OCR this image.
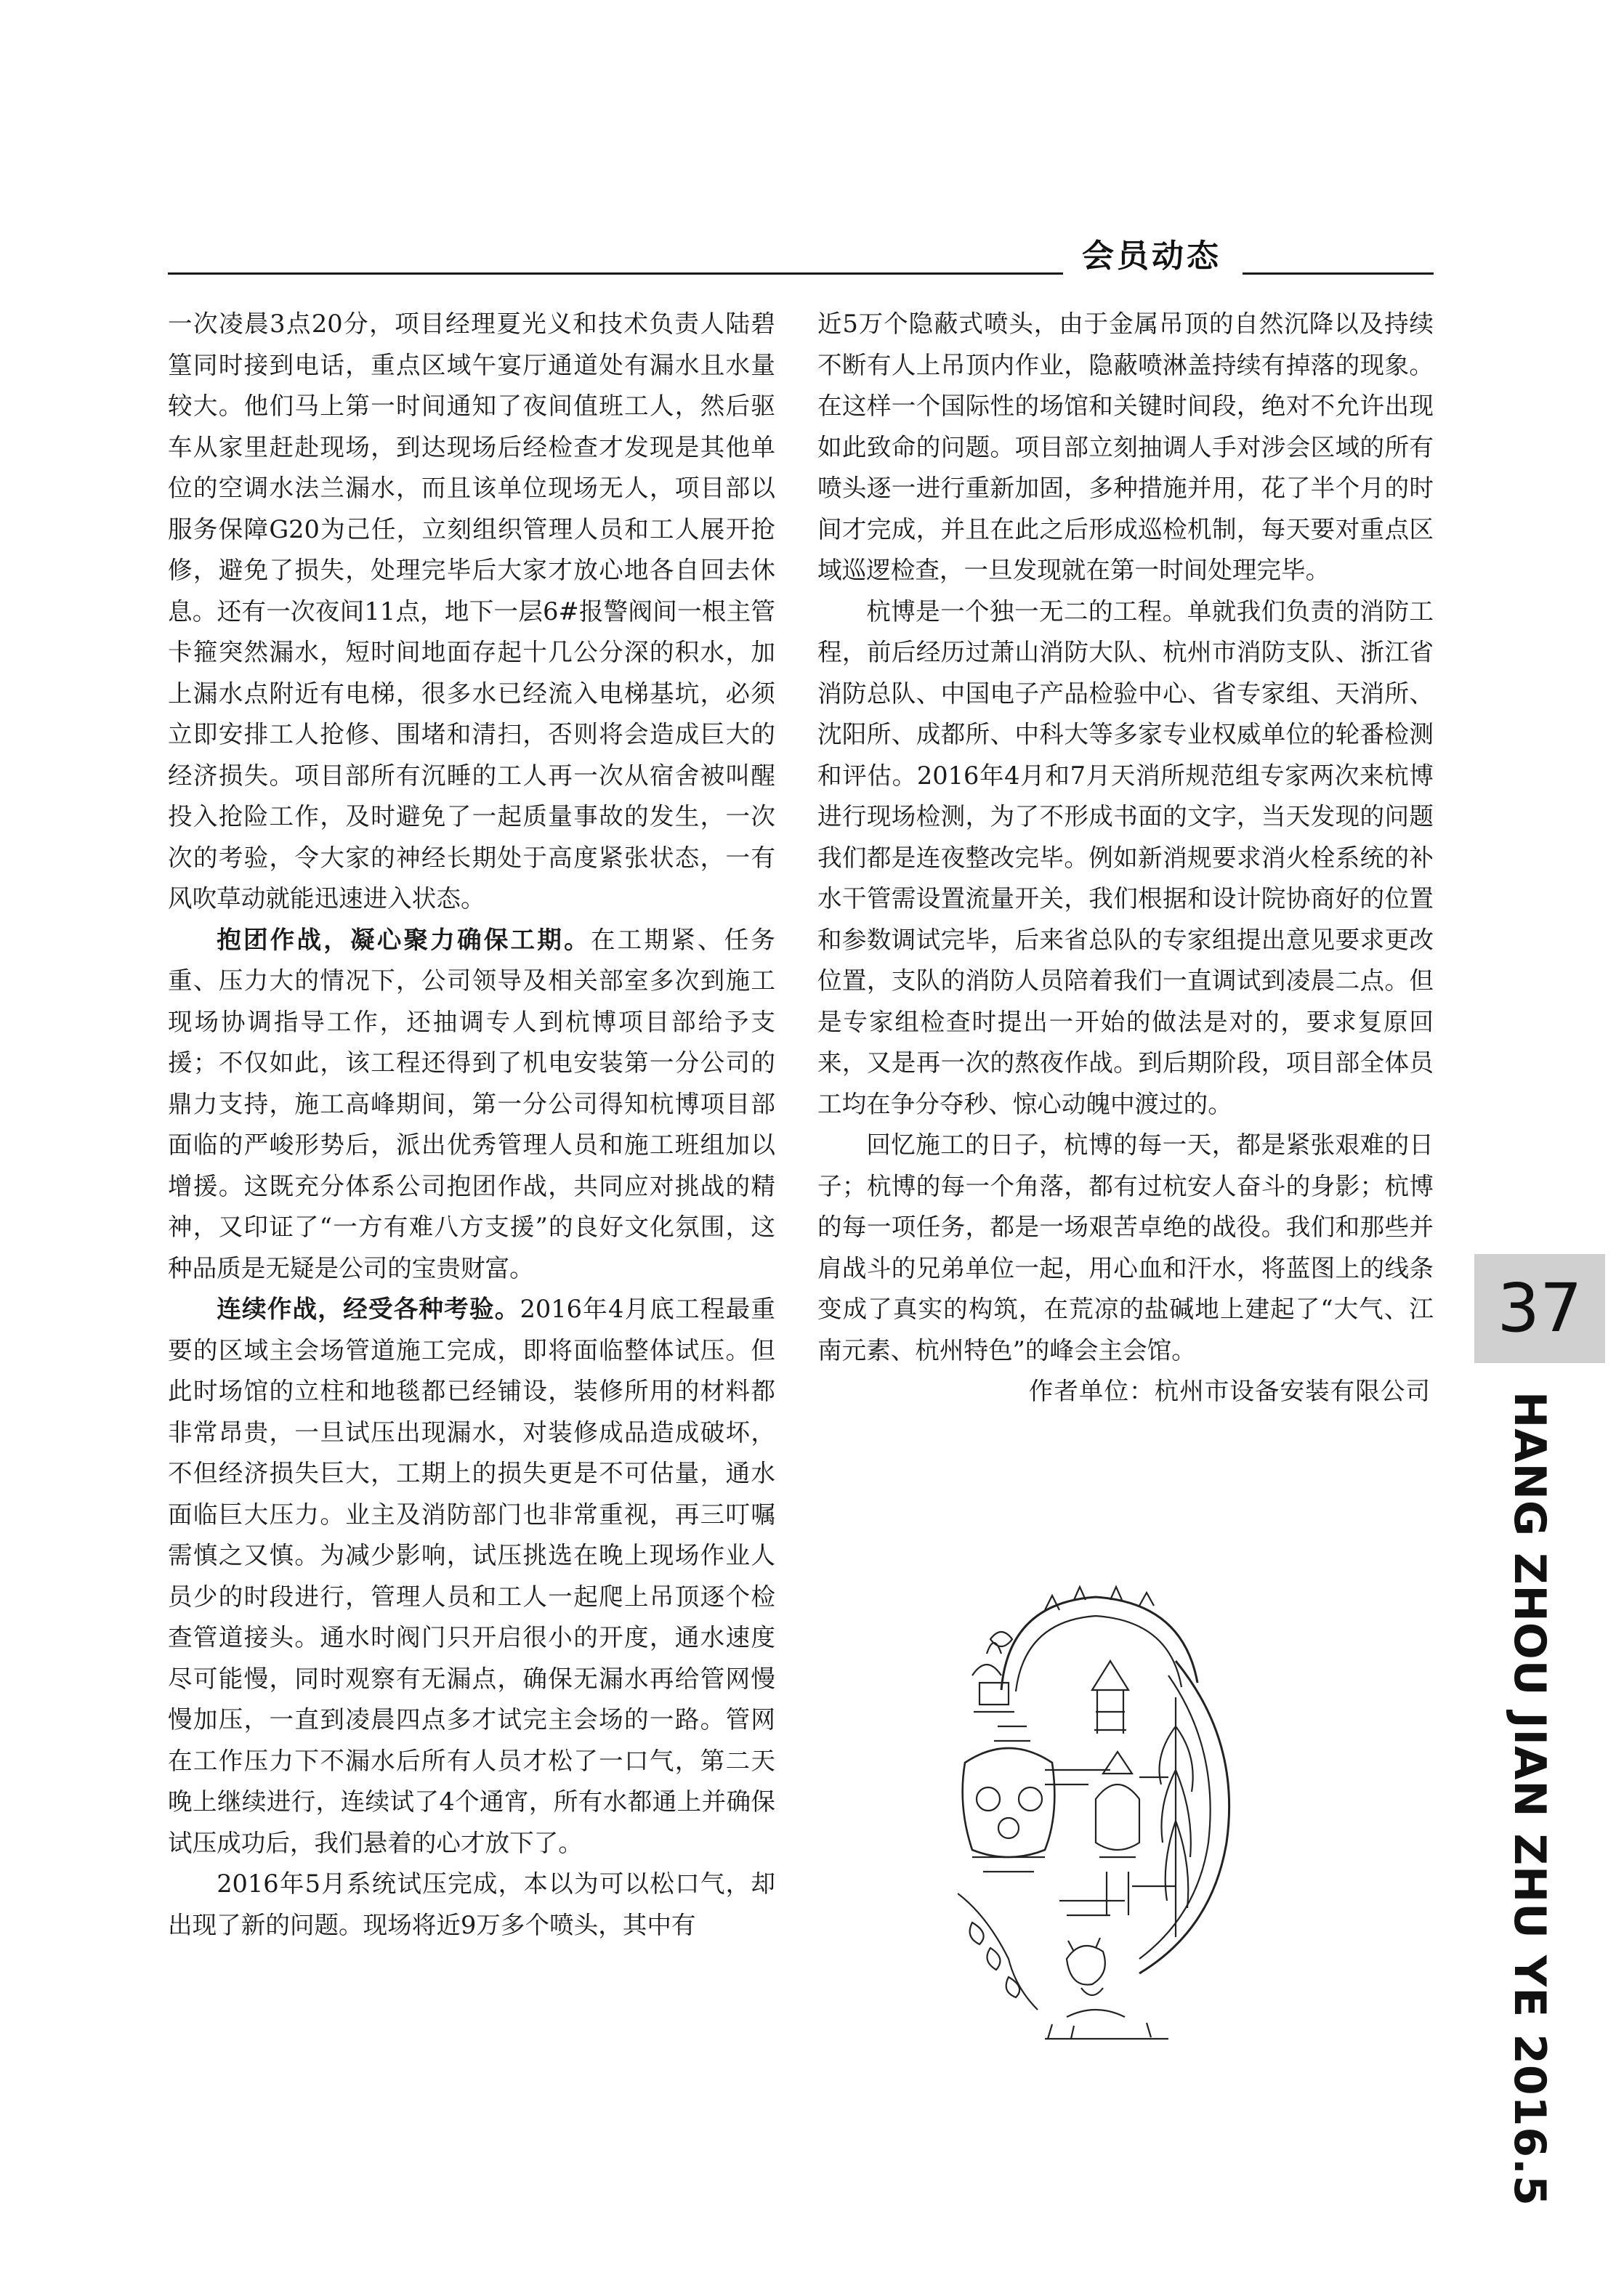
会员动态

一次凌晨3点20分，项目经理夏光义和技术负责人陆碧篁同时接到电话，重点区域午宴厅通道处有漏水且水量较大。他们马上第一时间通知了夜间值班工人，然后驱车从家里赶赴现场，到达现场后经检查才发现是其他单位的空调水法兰漏水，而且该单位现场无人，项目部以服务保障G20为己任，立刻组织管理人员和工人展开抢修，避免了损失，处理完毕后大家才放心地各自回去休息。还有一次夜间11点，地下一层6#报警阀间一根主管卡箍突然漏水，短时间地面存起十几公分深的积水，加上漏水点附近有电梯，很多水已经流入电梯基坑，必须立即安排工人抢修、围堵和清扫，否则将会造成巨大的经济损失。项目部所有沉睡的工人再一次从宿舍被叫醒投入抢险工作，及时避免了一起质量事故的发生，一次次的考验，令大家的神经长期处于高度紧张状态，一有风吹草动就能迅速进入状态。

抱团作战，凝心聚力确保工期。在工期紧、任务重、压力大的情况下，公司领导及相关部室多次到施工现场协调指导工作，还抽调专人到杭博项目部给予支援；不仅如此，该工程还得到了机电安装第一分公司的鼎力支持，施工高峰期间，第一分公司得知杭博项目部面临的严峻形势后，派出优秀管理人员和施工班组加以增援。这既充分体系公司抱团作战，共同应对挑战的精神，又印证了“一方有难八方支援”的良好文化氛围，这种品质是无疑是公司的宝贵财富。

连续作战，经受各种考验。2016年4月底工程最重要的区域主会场管道施工完成，即将面临整体试压。但此时场馆的立柱和地毯都已经铺设，装修所用的材料都非常昂贵，一旦试压出现漏水，对装修成品造成破坏，不但经济损失巨大，工期上的损失更是不可估量，通水面临巨大压力。业主及消防部门也非常重视，再三叮嘱需慎之又慎。为减少影响，试压挑选在晚上现场作业人员少的时段进行，管理人员和工人一起爬上吊顶逐个检查管道接头。通水时阀门只开启很小的开度，通水速度尽可能慢，同时观察有无漏点，确保无漏水再给管网慢慢加压，一直到凌晨四点多才试完主会场的一路。管网在工作压力下不漏水后所有人员才松了一口气，第二天晚上继续进行，连续试了4个通宵，所有水都通上并确保试压成功后，我们悬着的心才放下了。

2016年5月系统试压完成，本以为可以松口气，却出现了新的问题。现场将近9万多个喷头，其中有

近5万个隐蔽式喷头，由于金属吊顶的自然沉降以及持续不断有人上吊顶内作业，隐蔽喷淋盖持续有掉落的现象。在这样一个国际性的场馆和关键时间段，绝对不允许出现如此致命的问题。项目部立刻抽调人手对涉会区域的所有喷头逐一进行重新加固，多种措施并用，花了半个月的时间才完成，并且在此之后形成巡检机制，每天要对重点区域巡逻检查，一旦发现就在第一时间处理完毕。

杭博是一个独一无二的工程。单就我们负责的消防工程，前后经历过萧山消防大队、杭州市消防支队、浙江省消防总队、中国电子产品检验中心、省专家组、天消所、沈阳所、成都所、中科大等多家专业权威单位的轮番检测和评估。2016年4月和7月天消所规范组专家两次来杭博进行现场检测，为了不形成书面的文字，当天发现的问题我们都是连夜整改完毕。例如新消规要求消火栓系统的补水干管需设置流量开关，我们根据和设计院协商好的位置和参数调试完毕，后来省总队的专家组提出意见要求更改位置，支队的消防人员陪着我们一直调试到凌晨二点。但是专家组检查时提出一开始的做法是对的，要求复原回来，又是再一次的熬夜作战。到后期阶段，项目部全体员工均在争分夺秒、惊心动魄中渡过的。

回忆施工的日子，杭博的每一天，都是紧张艰难的日子；杭博的每一个角落，都有过杭安人奋斗的身影；杭博的每一项任务，都是一场艰苦卓绝的战役。我们和那些并肩战斗的兄弟单位一起，用心血和汗水，将蓝图上的线条变成了真实的构筑，在荒凉的盐碱地上建起了“大气、江南元素、杭州特色”的峰会主会馆。

作者单位：杭州市设备安装有限公司

37
HANG ZHOU JIAN ZHU YE 2016.5
